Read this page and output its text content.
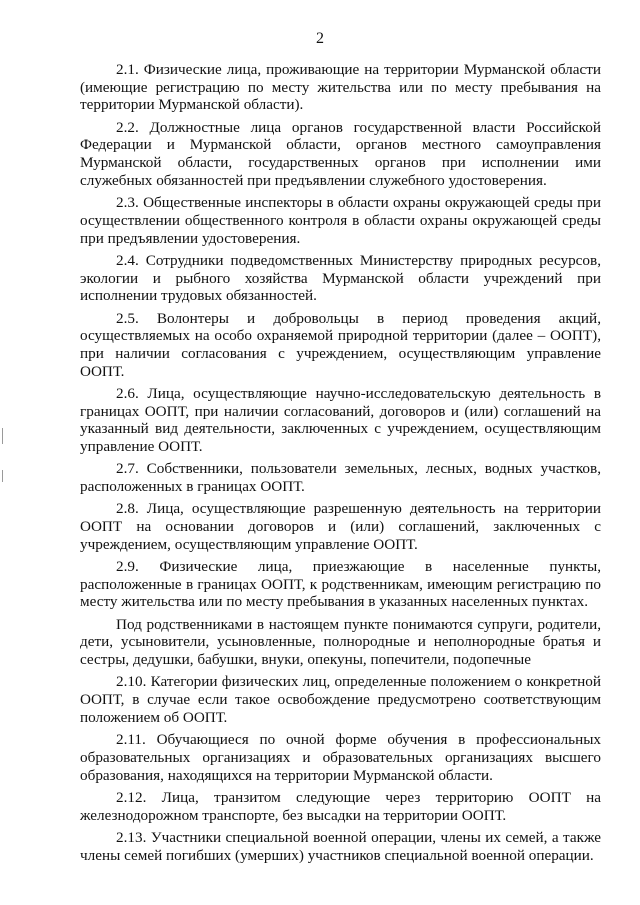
2

2.1. Физические лица, проживающие на территории Мурманской области (имеющие регистрацию по месту жительства или по месту пребывания на территории Мурманской области).

2.2. Должностные лица органов государственной власти Российской Федерации и Мурманской области, органов местного самоуправления Мурманской области, государственных органов при исполнении ими служебных обязанностей при предъявлении служебного удостоверения.

2.3. Общественные инспекторы в области охраны окружающей среды при осуществлении общественного контроля в области охраны окружающей среды при предъявлении удостоверения.

2.4. Сотрудники подведомственных Министерству природных ресурсов, экологии и рыбного хозяйства Мурманской области учреждений при исполнении трудовых обязанностей.

2.5. Волонтеры и добровольцы в период проведения акций, осуществляемых на особо охраняемой природной территории (далее – ООПТ), при наличии согласования с учреждением, осуществляющим управление ООПТ.

2.6. Лица, осуществляющие научно-исследовательскую деятельность в границах ООПТ, при наличии согласований, договоров и (или) соглашений на указанный вид деятельности, заключенных с учреждением, осуществляющим управление ООПТ.

2.7. Собственники, пользователи земельных, лесных, водных участков, расположенных в границах ООПТ.

2.8. Лица, осуществляющие разрешенную деятельность на территории ООПТ на основании договоров и (или) соглашений, заключенных с учреждением, осуществляющим управление ООПТ.

2.9. Физические лица, приезжающие в населенные пункты, расположенные в границах ООПТ, к родственникам, имеющим регистрацию по месту жительства или по месту пребывания в указанных населенных пунктах.

Под родственниками в настоящем пункте понимаются супруги, родители, дети, усыновители, усыновленные, полнородные и неполнородные братья и сестры, дедушки, бабушки, внуки, опекуны, попечители, подопечные

2.10. Категории физических лиц, определенные положением о конкретной ООПТ, в случае если такое освобождение предусмотрено соответствующим положением об ООПТ.

2.11. Обучающиеся по очной форме обучения в профессиональных образовательных организациях и образовательных организациях высшего образования, находящихся на территории Мурманской области.

2.12. Лица, транзитом следующие через территорию ООПТ на железнодорожном транспорте, без высадки на территории ООПТ.

2.13. Участники специальной военной операции, члены их семей, а также члены семей погибших (умерших) участников специальной военной операции.
